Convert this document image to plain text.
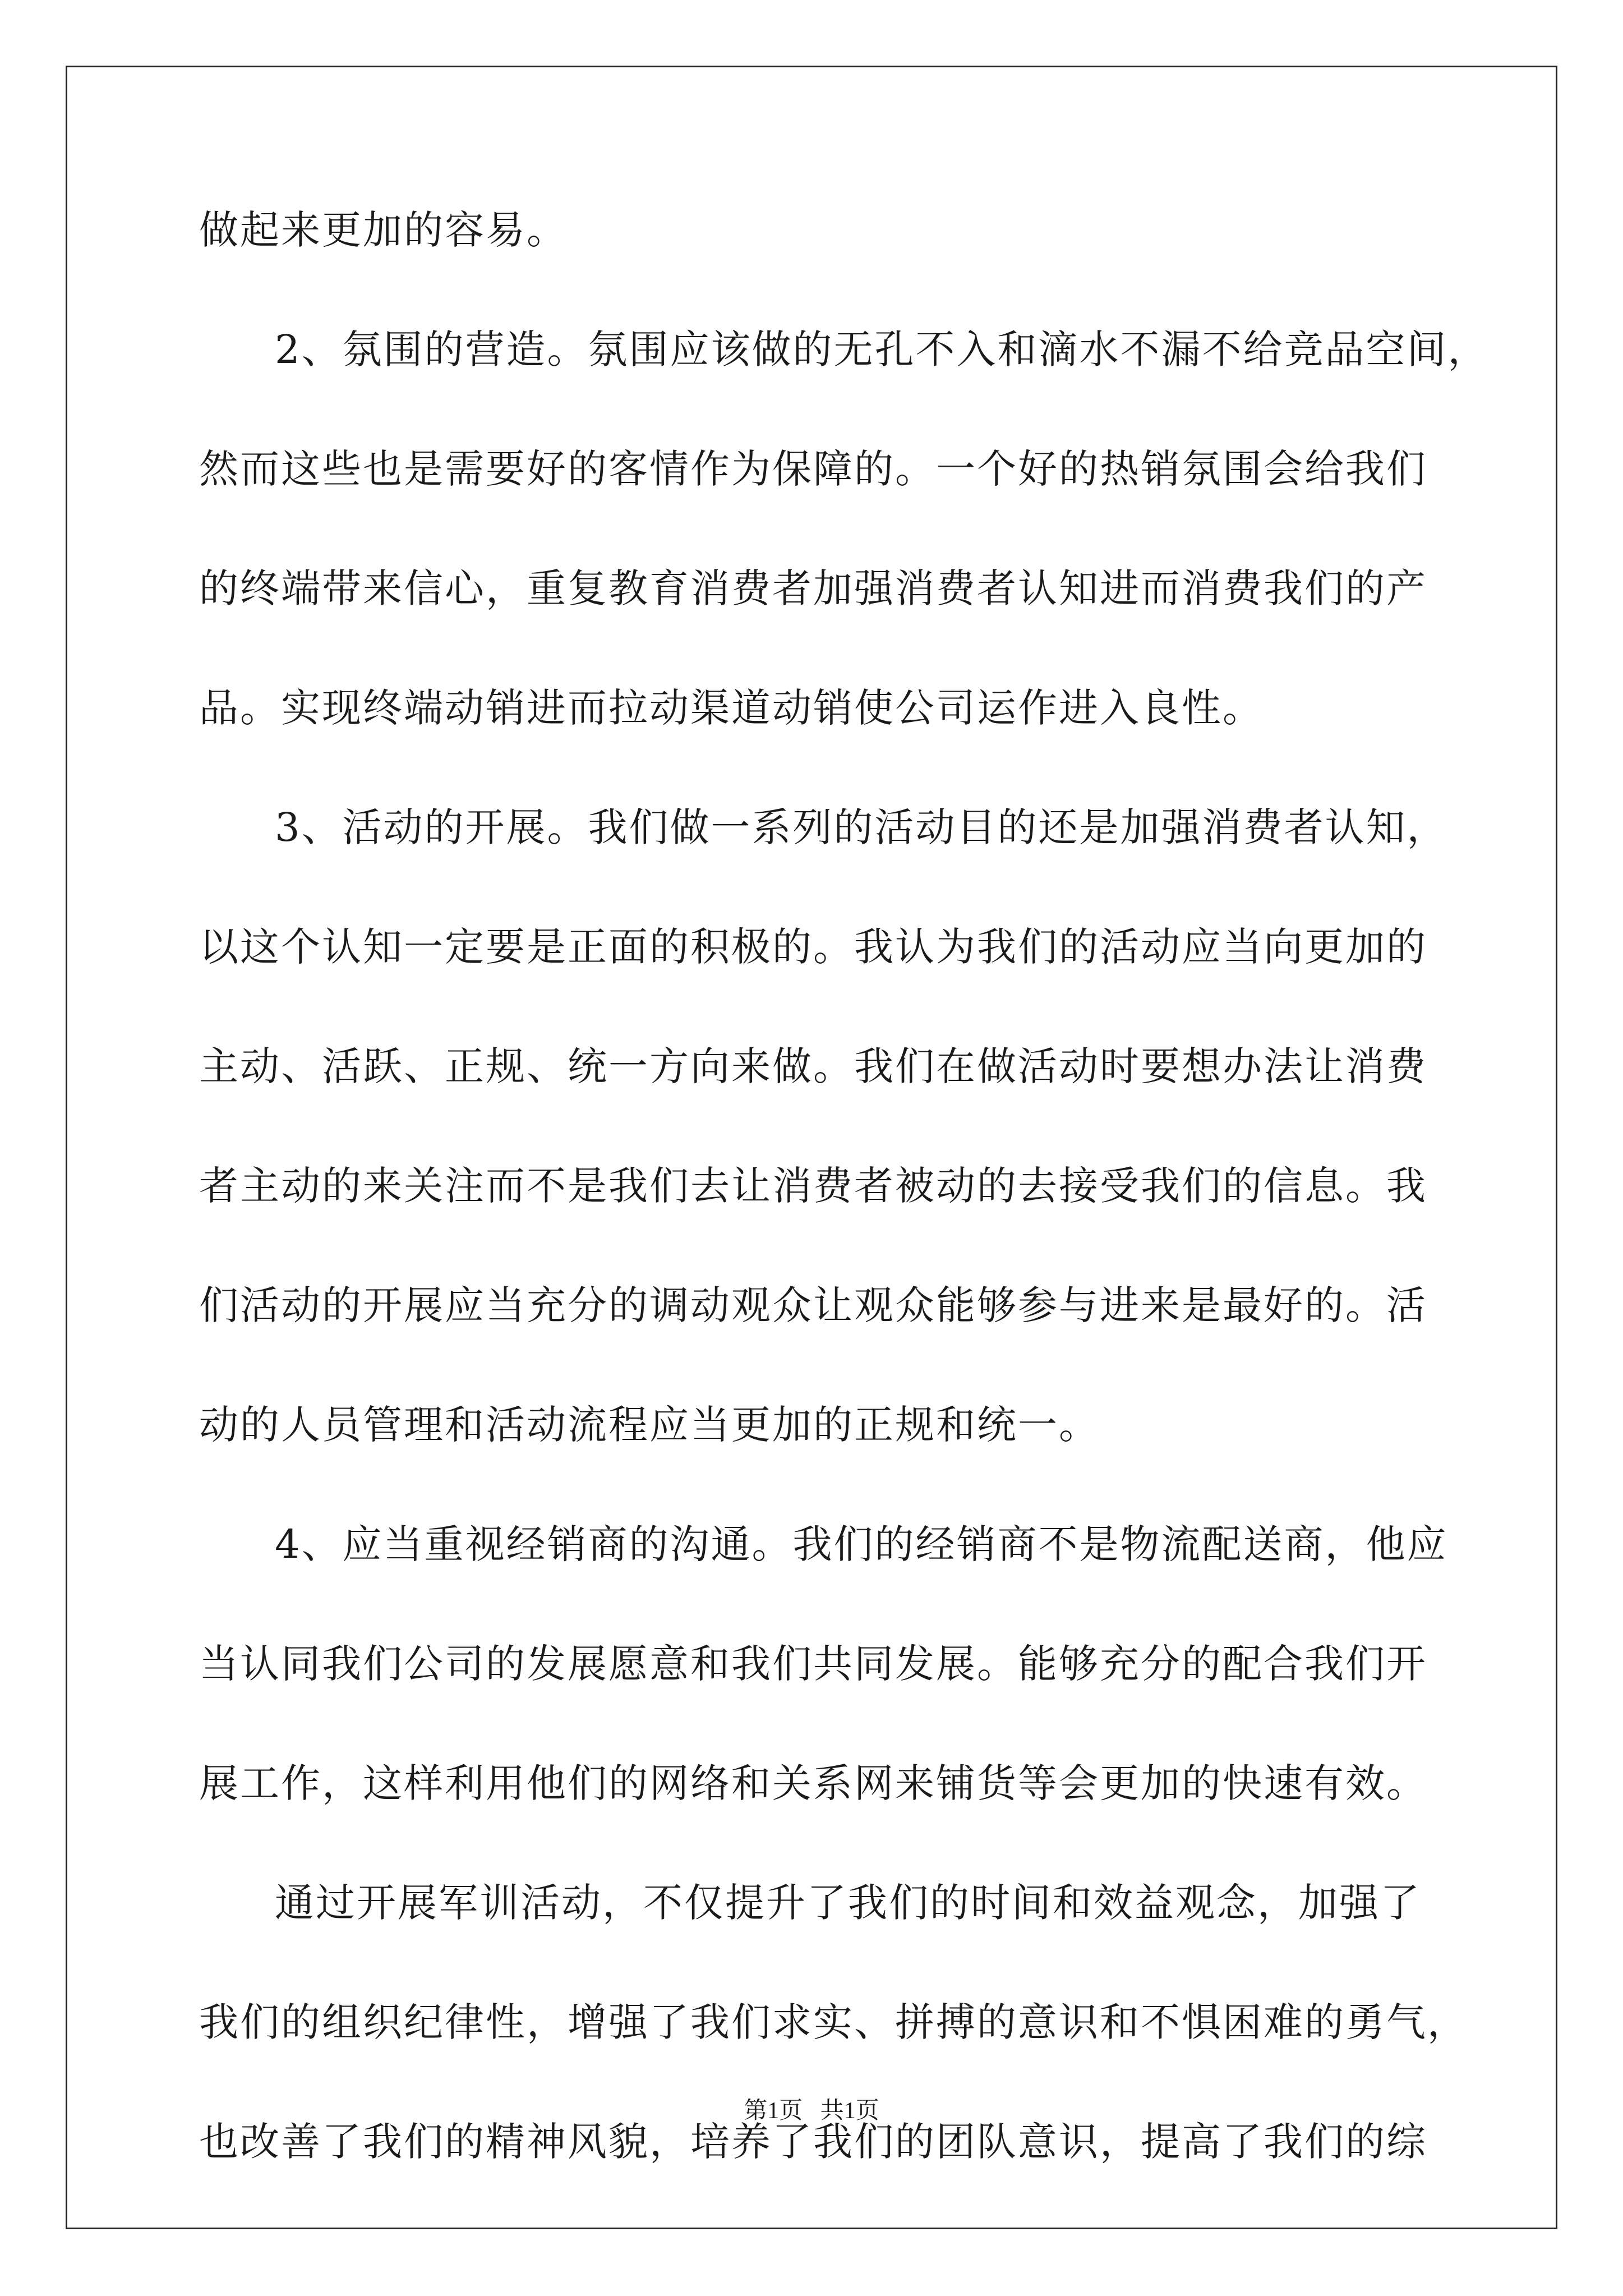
做起来更加的容易。
2、氛围的营造。氛围应该做的无孔不入和滴水不漏不给竞品空间，
然而这些也是需要好的客情作为保障的。一个好的热销氛围会给我们
的终端带来信心，重复教育消费者加强消费者认知进而消费我们的产
品。实现终端动销进而拉动渠道动销使公司运作进入良性。
3、活动的开展。我们做一系列的活动目的还是加强消费者认知，
以这个认知一定要是正面的积极的。我认为我们的活动应当向更加的
主动、活跃、正规、统一方向来做。我们在做活动时要想办法让消费
者主动的来关注而不是我们去让消费者被动的去接受我们的信息。我
们活动的开展应当充分的调动观众让观众能够参与进来是最好的。活
动的人员管理和活动流程应当更加的正规和统一。
4、应当重视经销商的沟通。我们的经销商不是物流配送商，他应
当认同我们公司的发展愿意和我们共同发展。能够充分的配合我们开
展工作，这样利用他们的网络和关系网来铺货等会更加的快速有效。
通过开展军训活动，不仅提升了我们的时间和效益观念，加强了
我们的组织纪律性，增强了我们求实、拼搏的意识和不惧困难的勇气，
也改善了我们的精神风貌，培养了我们的团队意识，提高了我们的综
第1页   共1页
